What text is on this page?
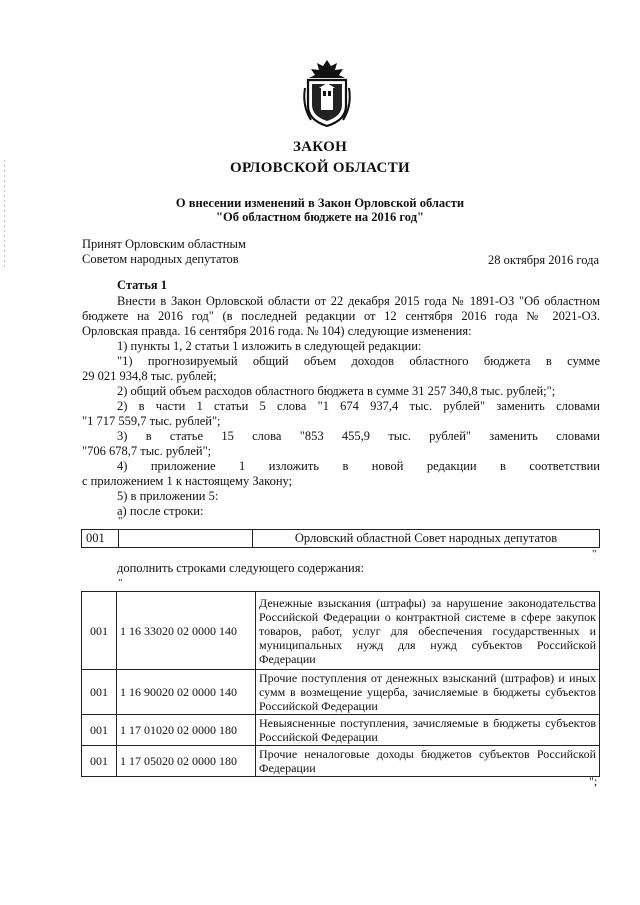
ЗАКОН
ОРЛОВСКОЙ ОБЛАСТИ
О внесении изменений в Закон Орловской области
"Об областном бюджете на 2016 год"
Принят Орловским областным
Советом народных депутатов	28 октября 2016 года
Статья 1
Внести в Закон Орловской области от 22 декабря 2015 года № 1891-ОЗ "Об областном
бюджете на 2016 год" (в последней редакции от 12 сентября 2016 года № 2021-ОЗ.
Орловская правда. 16 сентября 2016 года. № 104) следующие изменения:
1) пункты 1, 2 статьи 1 изложить в следующей редакции:
"1) прогнозируемый общий объем доходов областного бюджета в сумме
29 021 934,8 тыс. рублей;
2) общий объем расходов областного бюджета в сумме 31 257 340,8 тыс. рублей;";
2) в части 1 статьи 5 слова "1 674 937,4 тыс. рублей" заменить словами
"1 717 559,7 тыс. рублей";
3) в статье 15 слова "853 455,9 тыс. рублей" заменить словами
"706 678,7 тыс. рублей";
4) приложение 1 изложить в новой редакции в соответствии
с приложением 1 к настоящему Закону;
5) в приложении 5:
а) после строки:
"
001		Орловский областной Совет народных депутатов
"
дополнить строками следующего содержания:
"
001	1 16 33020 02 0000 140	Денежные взыскания (штрафы) за нарушение законодательства Российской Федерации о контрактной системе в сфере закупок товаров, работ, услуг для обеспечения государственных и муниципальных нужд для нужд субъектов Российской Федерации
001	1 16 90020 02 0000 140	Прочие поступления от денежных взысканий (штрафов) и иных сумм в возмещение ущерба, зачисляемые в бюджеты субъектов Российской Федерации
001	1 17 01020 02 0000 180	Невыясненные поступления, зачисляемые в бюджеты субъектов Российской Федерации
001	1 17 05020 02 0000 180	Прочие неналоговые доходы бюджетов субъектов Российской Федерации
";
